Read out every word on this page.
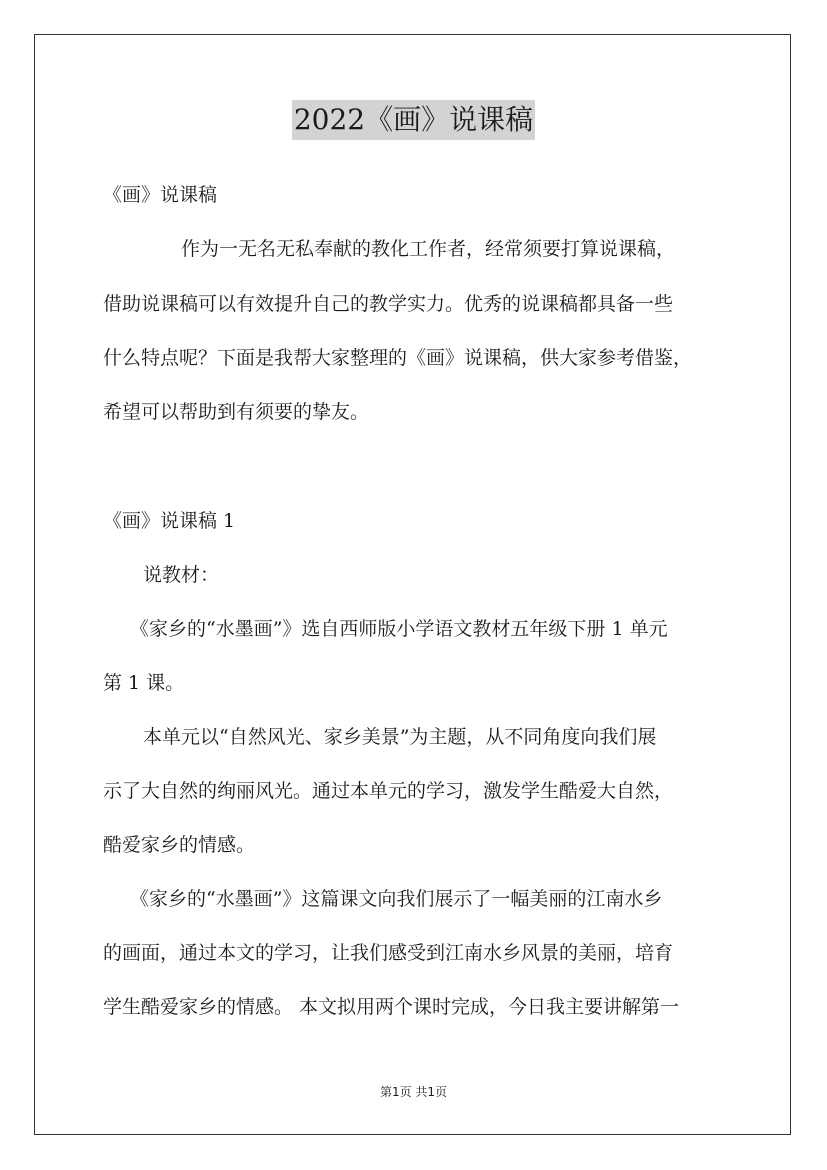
2022《画》说课稿
《画》说课稿
作为一无名无私奉献的教化工作者，经常须要打算说课稿，
借助说课稿可以有效提升自己的教学实力。优秀的说课稿都具备一些
什么特点呢？下面是我帮大家整理的《画》说课稿，供大家参考借鉴，
希望可以帮助到有须要的挚友。
《画》说课稿 1
说教材：
《家乡的“水墨画”》选自西师版小学语文教材五年级下册 1 单元
第 1 课。
本单元以“自然风光、家乡美景”为主题，从不同角度向我们展
示了大自然的绚丽风光。通过本单元的学习，激发学生酷爱大自然，
酷爱家乡的情感。
《家乡的“水墨画”》这篇课文向我们展示了一幅美丽的江南水乡
的画面，通过本文的学习，让我们感受到江南水乡风景的美丽，培育
学生酷爱家乡的情感。 本文拟用两个课时完成，今日我主要讲解第一
第1页 共1页
